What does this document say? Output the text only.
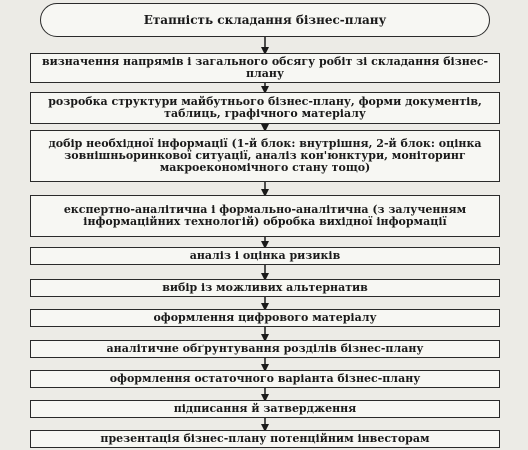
Етапність складання бізнес-плану
визначення напрямів і загального обсягу робіт зі складання бізнес-плану
розробка структури майбутнього бізнес-плану, форми документів, таблиць, графічного матеріалу
добір необхідної інформації (1-й блок: внутрішня, 2-й блок: оцінка зовнішньоринкової ситуації, аналіз кон'юнктури, моніторинг макроекономічного стану тощо)
експертно-аналітична і формально-аналітична (з залученням інформаційних технологій) обробка вихідної інформації
аналіз і оцінка ризиків
вибір із можливих альтернатив
оформлення цифрового матеріалу
аналітичне обґрунтування розділів бізнес-плану
оформлення остаточного варіанта бізнес-плану
підписання й затвердження
презентація бізнес-плану потенційним інвесторам
